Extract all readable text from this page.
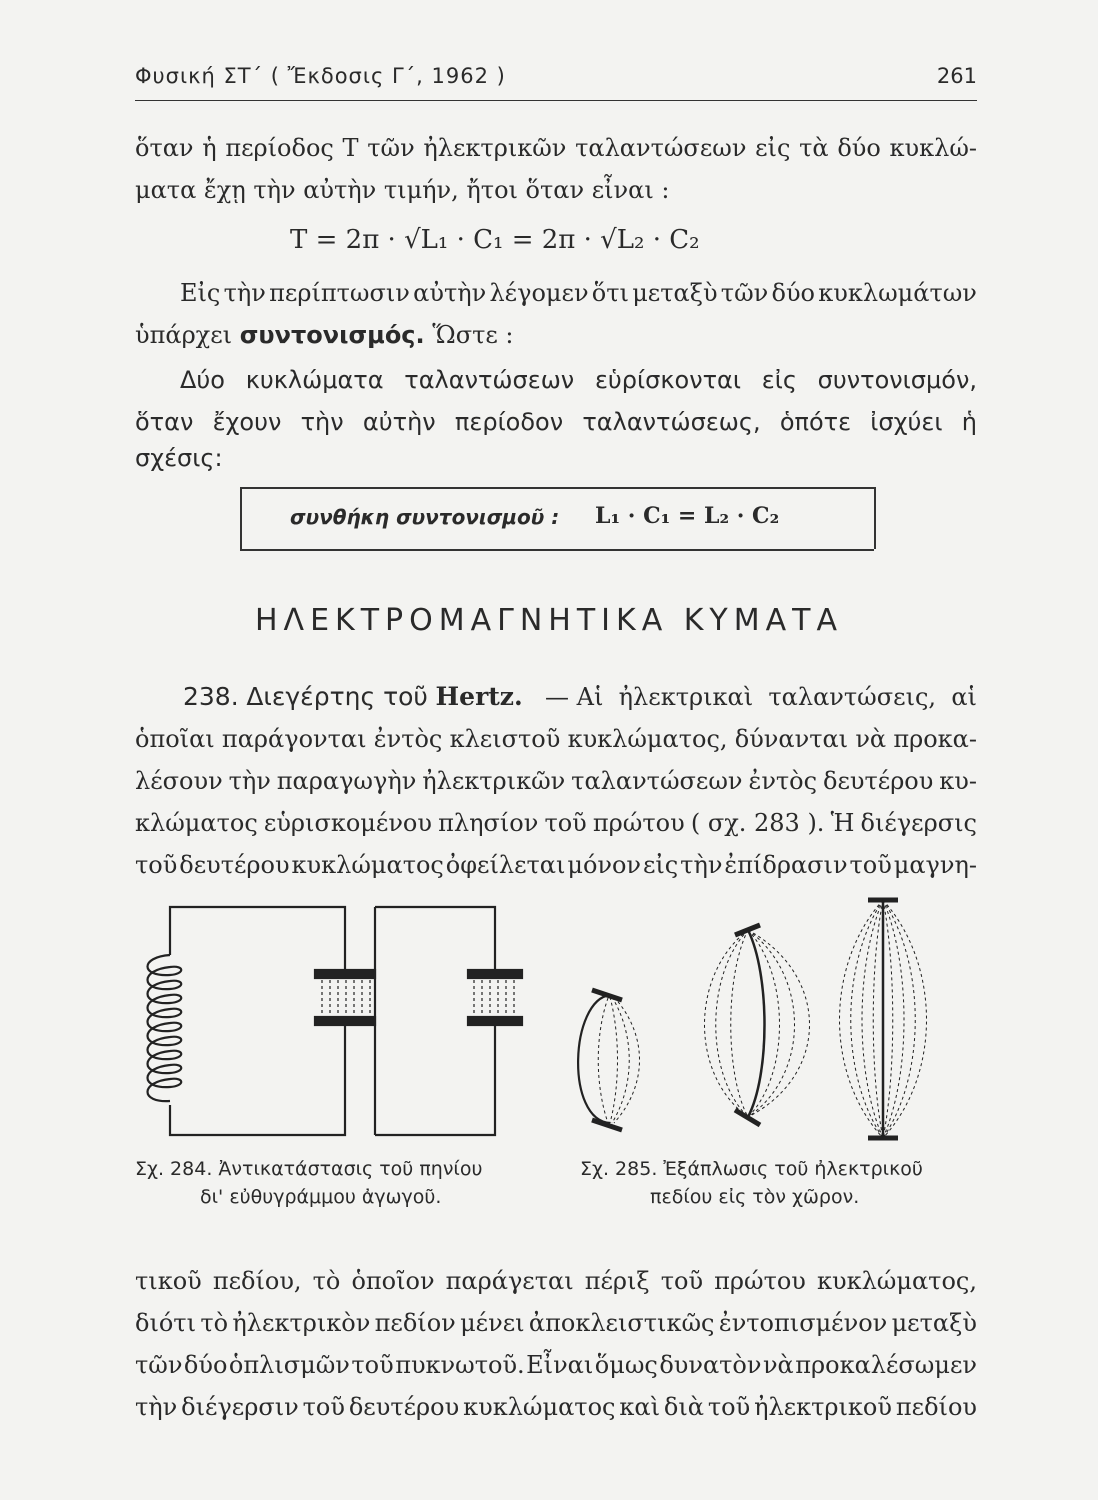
Φυσική ΣΤ΄ ( Ἔκδοσις Γ΄, 1962 )	261
ὅταν ἡ περίοδος T τῶν ἠλεκτρικῶν ταλαντώσεων εἰς τὰ δύο κυκλώ-
ματα ἔχῃ τὴν αὐτὴν τιμήν, ἤτοι ὅταν εἶναι :
T = 2π · √L₁ · C₁ = 2π · √L₂ · C₂
Εἰς τὴν περίπτωσιν αὐτὴν λέγομεν ὅτι μεταξὺ τῶν δύο κυκλωμάτων
ὑπάρχει συντονισμός. Ὥστε :
Δύο κυκλώματα ταλαντώσεων εὑρίσκονται εἰς συντονισμόν,
ὅταν ἔχουν τὴν αὐτὴν περίοδον ταλαντώσεως, ὁπότε ἰσχύει ἡ
σχέσις:
συνθήκη συντονισμοῦ : L₁ · C₁ = L₂ · C₂
ΗΛΕΚΤΡΟΜΑΓΝΗΤΙΚΑ ΚΥΜΑΤΑ
238. Διεγέρτης τοῦ Hertz. — Αἱ ἠλεκτρικαὶ ταλαντώσεις, αἱ
ὁποῖαι παράγονται ἐντὸς κλειστοῦ κυκλώματος, δύνανται νὰ προκα-
λέσουν τὴν παραγωγὴν ἠλεκτρικῶν ταλαντώσεων ἐντὸς δευτέρου κυ-
κλώματος εὑρισκομένου πλησίον τοῦ πρώτου ( σχ. 283 ). Ἡ διέγερσις
τοῦ δευτέρου κυκλώματος ὀφείλεται μόνον εἰς τὴν ἐπίδρασιν τοῦ μαγνη-
Σχ. 284. Ἀντικατάστασις τοῦ πηνίου
δι' εὐθυγράμμου ἀγωγοῦ.
Σχ. 285. Ἐξάπλωσις τοῦ ἠλεκτρικοῦ
πεδίου εἰς τὸν χῶρον.
τικοῦ πεδίου, τὸ ὁποῖον παράγεται πέριξ τοῦ πρώτου κυκλώματος,
διότι τὸ ἠλεκτρικὸν πεδίον μένει ἀποκλειστικῶς ἐντοπισμένον μεταξὺ
τῶν δύο ὁπλισμῶν τοῦ πυκνωτοῦ. Εἶναι ὅμως δυνατὸν νὰ προκαλέσωμεν
τὴν διέγερσιν τοῦ δευτέρου κυκλώματος καὶ διὰ τοῦ ἠλεκτρικοῦ πεδίου
